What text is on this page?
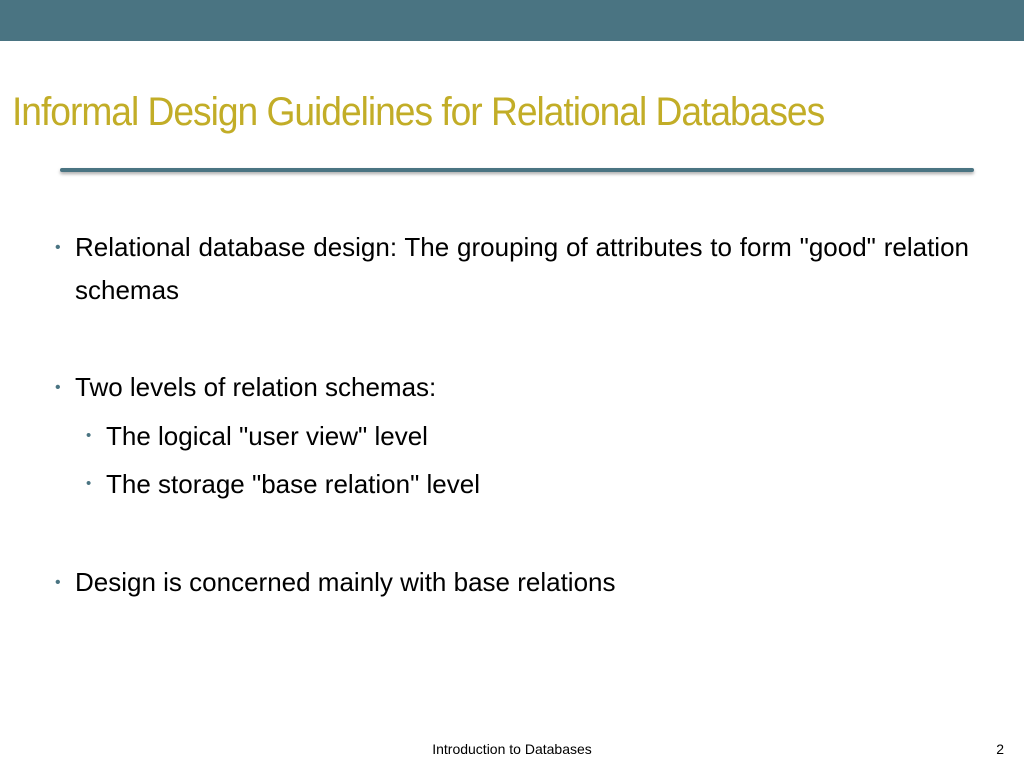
Informal Design Guidelines for Relational Databases
• Relational database design: The grouping of attributes to form "good" relation schemas
• Two levels of relation schemas:
• The logical "user view" level
• The storage "base relation" level
• Design is concerned mainly with base relations
Introduction to Databases	2
